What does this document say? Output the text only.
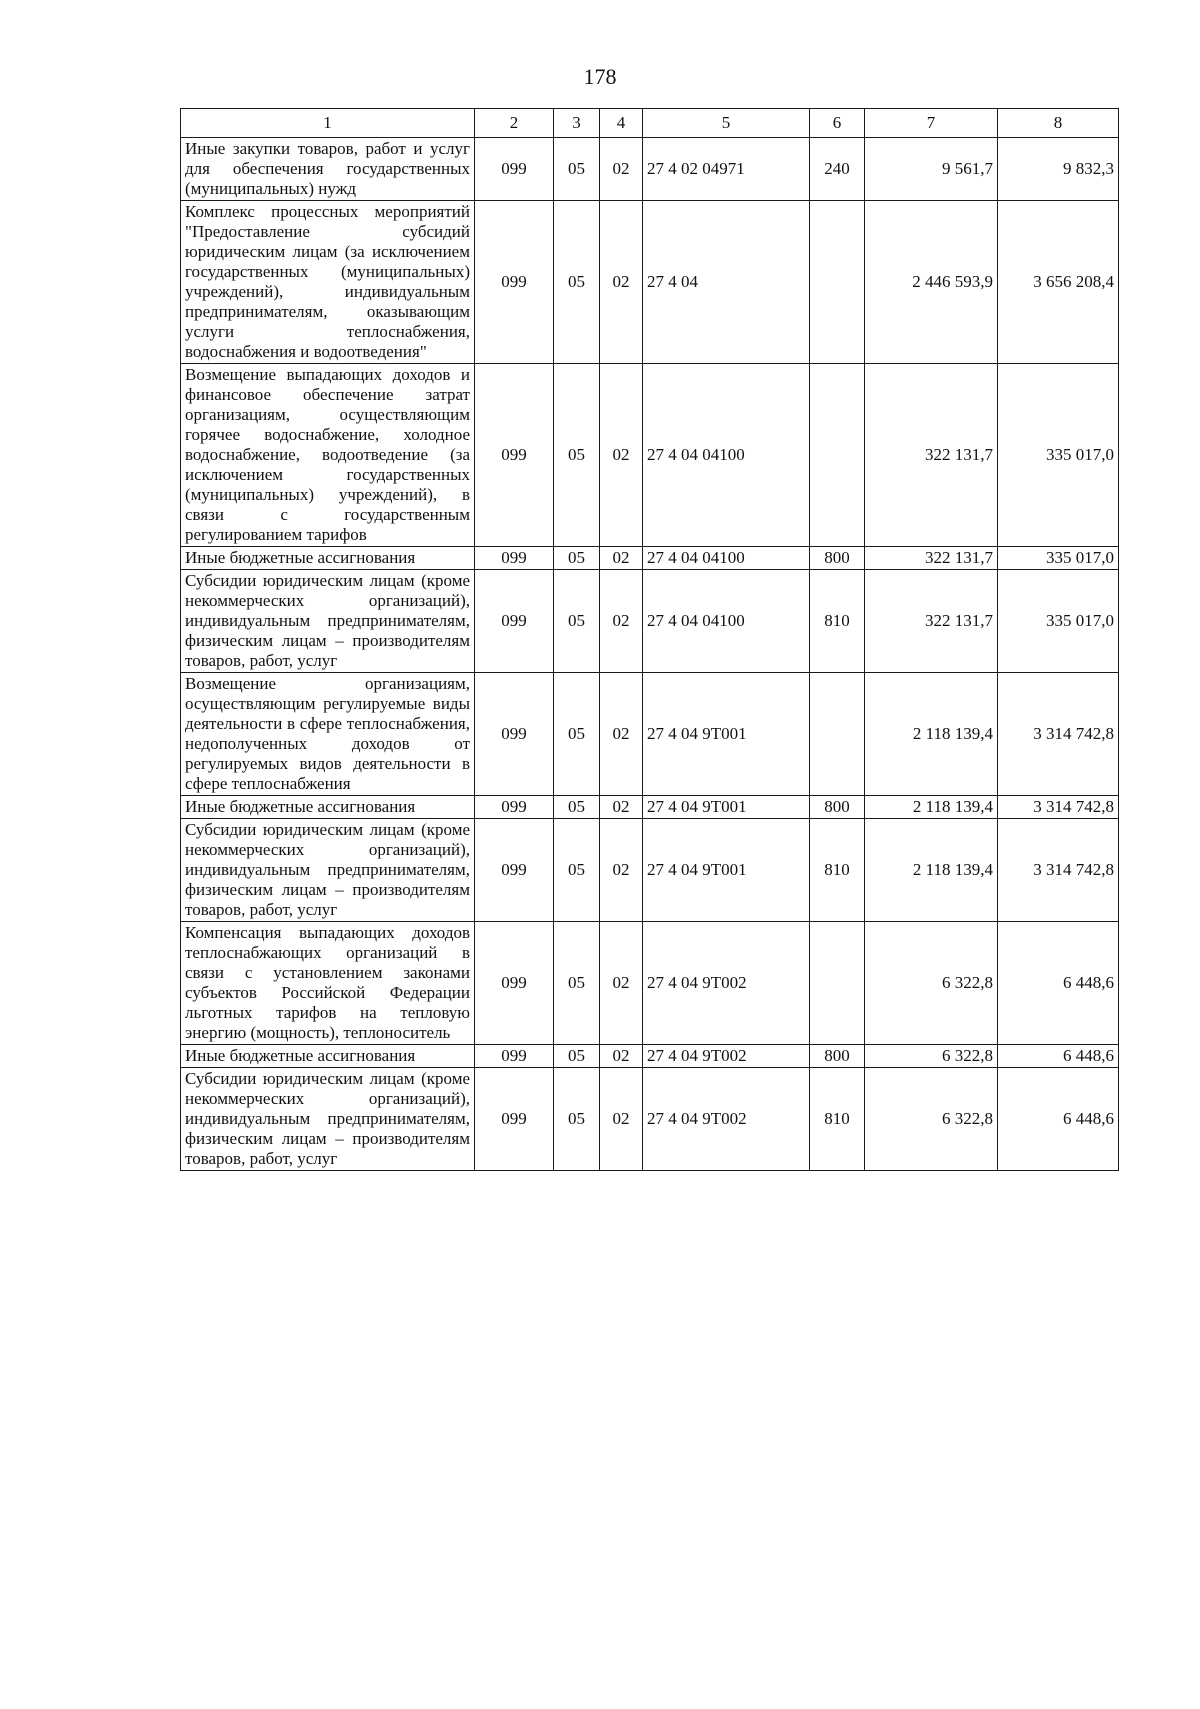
178
1	2	3	4	5	6	7	8
Иные закупки товаров, работ и услуг для обеспечения государственных (муниципальных) нужд	099	05	02	27 4 02 04971	240	9 561,7	9 832,3
Комплекс процессных мероприятий "Предоставление субсидий юридическим лицам (за исключением государственных (муниципальных) учреждений), индивидуальным предпринимателям, оказывающим услуги теплоснабжения, водоснабжения и водоотведения"	099	05	02	27 4 04		2 446 593,9	3 656 208,4
Возмещение выпадающих доходов и финансовое обеспечение затрат организациям, осуществляющим горячее водоснабжение, холодное водоснабжение, водоотведение (за исключением государственных (муниципальных) учреждений), в связи с государственным регулированием тарифов	099	05	02	27 4 04 04100		322 131,7	335 017,0
Иные бюджетные ассигнования	099	05	02	27 4 04 04100	800	322 131,7	335 017,0
Субсидии юридическим лицам (кроме некоммерческих организаций), индивидуальным предпринимателям, физическим лицам – производителям товаров, работ, услуг	099	05	02	27 4 04 04100	810	322 131,7	335 017,0
Возмещение организациям, осуществляющим регулируемые виды деятельности в сфере теплоснабжения, недополученных доходов от регулируемых видов деятельности в сфере теплоснабжения	099	05	02	27 4 04 9Т001		2 118 139,4	3 314 742,8
Иные бюджетные ассигнования	099	05	02	27 4 04 9Т001	800	2 118 139,4	3 314 742,8
Субсидии юридическим лицам (кроме некоммерческих организаций), индивидуальным предпринимателям, физическим лицам – производителям товаров, работ, услуг	099	05	02	27 4 04 9Т001	810	2 118 139,4	3 314 742,8
Компенсация выпадающих доходов теплоснабжающих организаций в связи с установлением законами субъектов Российской Федерации льготных тарифов на тепловую энергию (мощность), теплоноситель	099	05	02	27 4 04 9Т002		6 322,8	6 448,6
Иные бюджетные ассигнования	099	05	02	27 4 04 9Т002	800	6 322,8	6 448,6
Субсидии юридическим лицам (кроме некоммерческих организаций), индивидуальным предпринимателям, физическим лицам – производителям товаров, работ, услуг	099	05	02	27 4 04 9Т002	810	6 322,8	6 448,6
